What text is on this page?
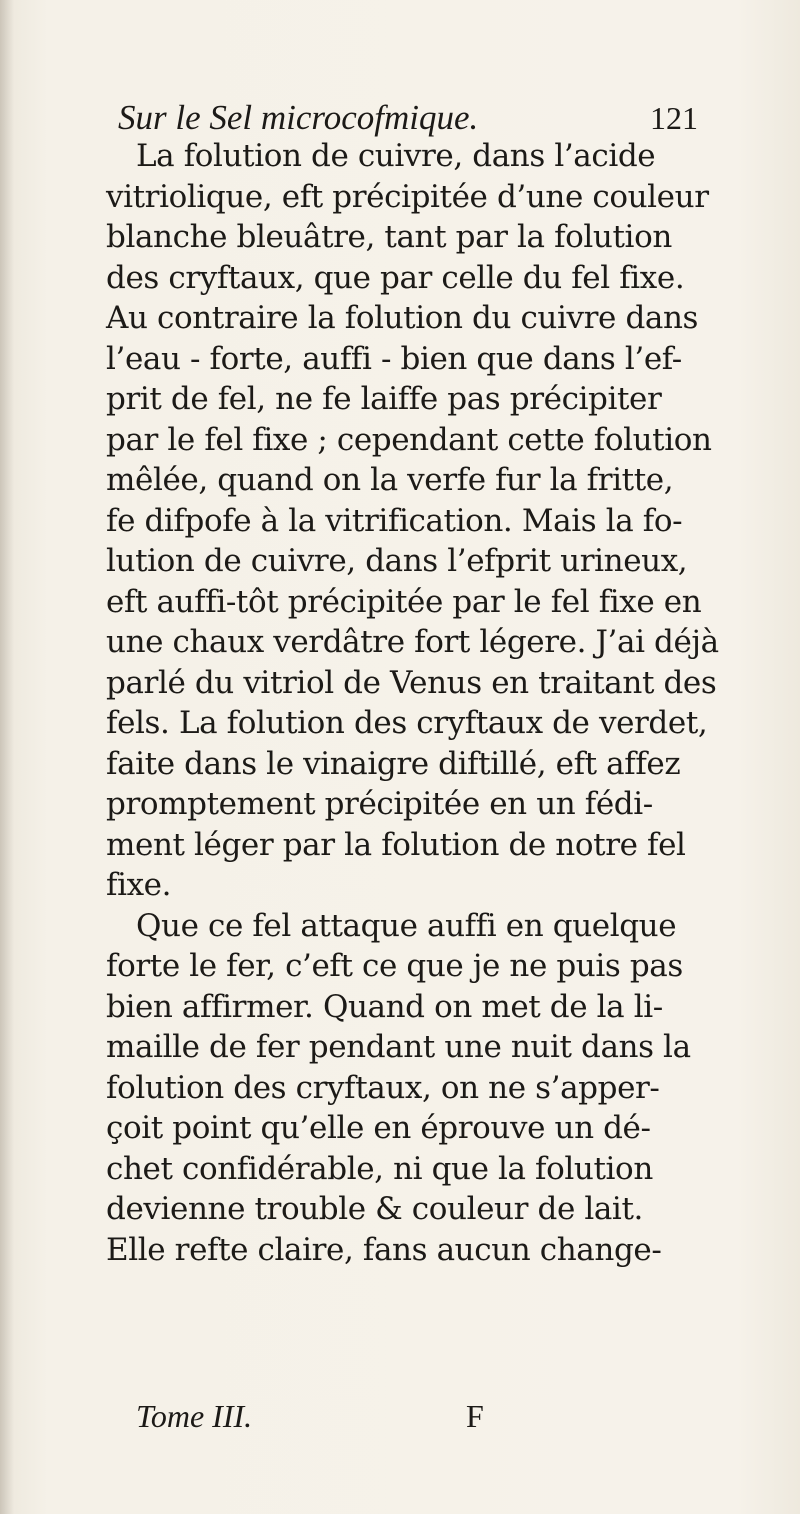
Sur le Sel microcofmique.	121
La folution de cuivre, dans l’acide
vitriolique, eft précipitée d’une couleur
blanche bleuâtre, tant par la folution
des cryftaux, que par celle du fel fixe.
Au contraire la folution du cuivre dans
l’eau - forte, auffi - bien que dans l’ef-
prit de fel, ne fe laiffe pas précipiter
par le fel fixe ; cependant cette folution
mêlée, quand on la verfe fur la fritte,
fe difpofe à la vitrification. Mais la fo-
lution de cuivre, dans l’efprit urineux,
eft auffi-tôt précipitée par le fel fixe en
une chaux verdâtre fort légere. J’ai déjà
parlé du vitriol de Venus en traitant des
fels. La folution des cryftaux de verdet,
faite dans le vinaigre diftillé, eft affez
promptement précipitée en un fédi-
ment léger par la folution de notre fel
fixe.
Que ce fel attaque auffi en quelque
forte le fer, c’eft ce que je ne puis pas
bien affirmer. Quand on met de la li-
maille de fer pendant une nuit dans la
folution des cryftaux, on ne s’apper-
çoit point qu’elle en éprouve un dé-
chet confidérable, ni que la folution
devienne trouble & couleur de lait.
Elle refte claire, fans aucun change-
Tome III.	F
